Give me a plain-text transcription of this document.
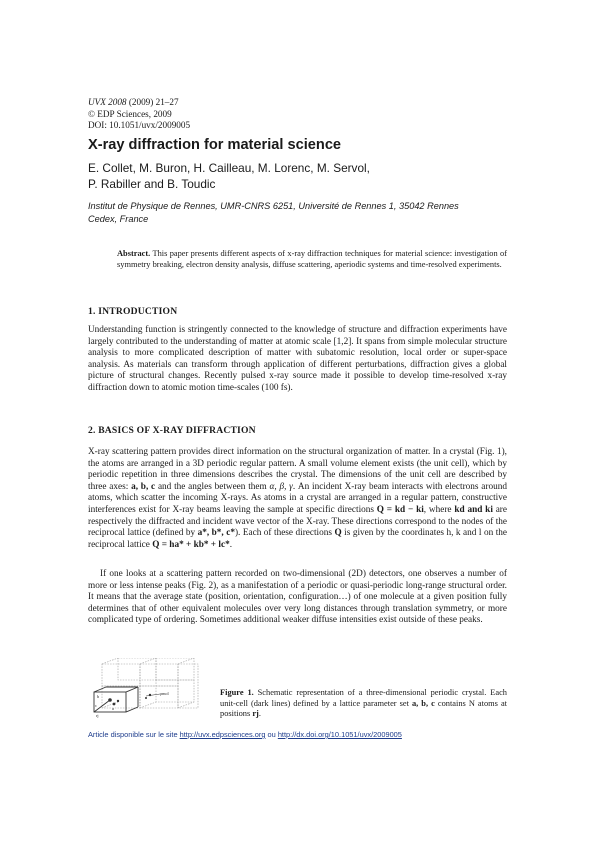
UVX 2008 (2009) 21–27
© EDP Sciences, 2009
DOI: 10.1051/uvx/2009005
X-ray diffraction for material science
E. Collet, M. Buron, H. Cailleau, M. Lorenc, M. Servol,
P. Rabiller and B. Toudic
Institut de Physique de Rennes, UMR-CNRS 6251, Université de Rennes 1, 35042 Rennes
Cedex, France
Abstract. This paper presents different aspects of x-ray diffraction techniques for material science: investigation of symmetry breaking, electron density analysis, diffuse scattering, aperiodic systems and time-resolved experiments.
1. INTRODUCTION
Understanding function is stringently connected to the knowledge of structure and diffraction experiments have largely contributed to the understanding of matter at atomic scale [1,2]. It spans from simple molecular structure analysis to more complicated description of matter with subatomic resolution, local order or super-space analysis. As materials can transform through application of different perturbations, diffraction gives a global picture of structural changes. Recently pulsed x-ray source made it possible to develop time-resolved x-ray diffraction down to atomic motion time-scales (100 fs).
2. BASICS OF X-RAY DIFFRACTION
X-ray scattering pattern provides direct information on the structural organization of matter. In a crystal (Fig. 1), the atoms are arranged in a 3D periodic regular pattern. A small volume element exists (the unit cell), which by periodic repetition in three dimensions describes the crystal. The dimensions of the unit cell are described by three axes: a, b, c and the angles between them α, β, γ. An incident X-ray beam interacts with electrons around atoms, which scatter the incoming X-rays. As atoms in a crystal are arranged in a regular pattern, constructive interferences exist for X-ray beams leaving the sample at specific directions Q = kd − ki, where kd and ki are respectively the diffracted and incident wave vector of the X-ray. These directions correspond to the nodes of the reciprocal lattice (defined by a*, b*, c*). Each of these directions Q is given by the coordinates h, k and l on the reciprocal lattice Q = ha* + kb* + lc*.
If one looks at a scattering pattern recorded on two-dimensional (2D) detectors, one observes a number of more or less intense peaks (Fig. 2), as a manifestation of a periodic or quasi-periodic long-range structural order. It means that the average state (position, orientation, configuration…) of one molecule at a given position fully determines that of other equivalent molecules over very long distances through translation symmetry, or more complicated type of ordering. Sometimes additional weaker diffuse intensities exist outside of these peaks.
b
a
c
rj
ρmol	Figure 1. Schematic representation of a three-dimensional periodic crystal. Each unit-cell (dark lines) defined by a lattice parameter set a, b, c contains N atoms at positions rj.
Article disponible sur le site http://uvx.edpsciences.org ou http://dx.doi.org/10.1051/uvx/2009005
